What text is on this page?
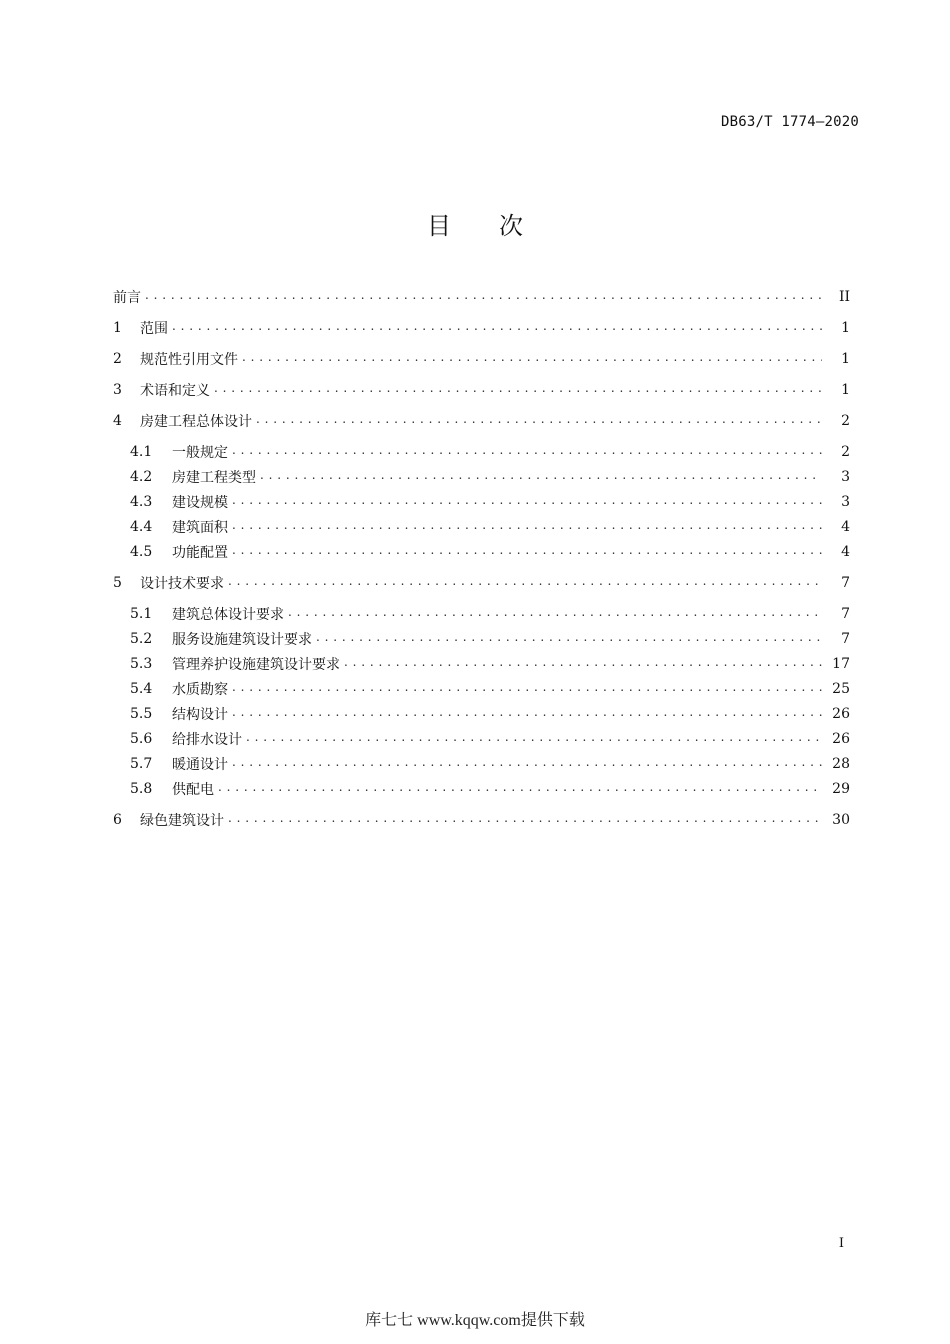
DB63/T 1774—2020
目 次
前言 . . .	II
1	范围 . . .	1
2	规范性引用文件 . . .	1
3	术语和定义 . . .	1
4	房建工程总体设计 . . .	2
4.1	一般规定 . . .	2
4.2	房建工程类型 . . .	3
4.3	建设规模 . . .	3
4.4	建筑面积 . . .	4
4.5	功能配置 . . .	4
5	设计技术要求 . . .	7
5.1	建筑总体设计要求 . . .	7
5.2	服务设施建筑设计要求 . . .	7
5.3	管理养护设施建筑设计要求 . . .	17
5.4	水质勘察 . . .	25
5.5	结构设计 . . .	26
5.6	给排水设计 . . .	26
5.7	暖通设计 . . .	28
5.8	供配电 . . .	29
6	绿色建筑设计 . . .	30
I
库七七 www.kqqw.com提供下载
